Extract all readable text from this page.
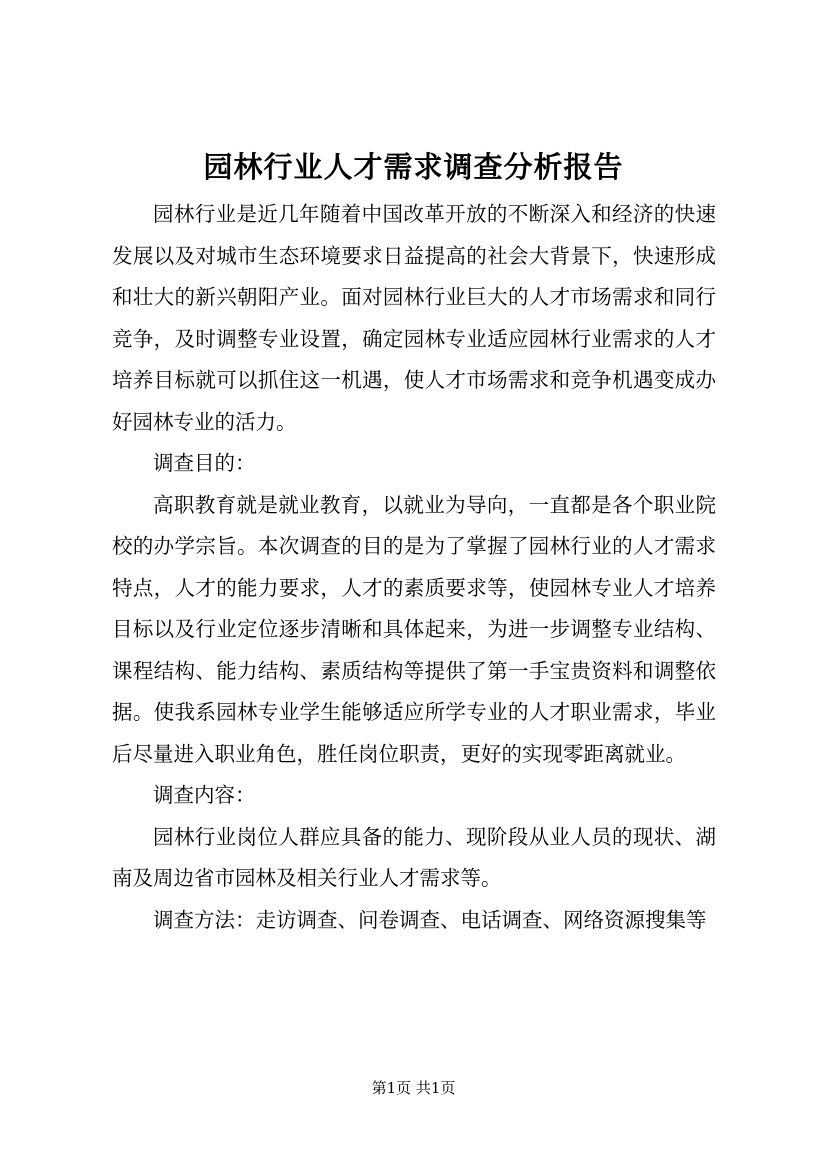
园林行业人才需求调查分析报告

园林行业是近几年随着中国改革开放的不断深入和经济的快速发展以及对城市生态环境要求日益提高的社会大背景下，快速形成和壮大的新兴朝阳产业。面对园林行业巨大的人才市场需求和同行竞争，及时调整专业设置，确定园林专业适应园林行业需求的人才培养目标就可以抓住这一机遇，使人才市场需求和竞争机遇变成办好园林专业的活力。

调查目的：

高职教育就是就业教育，以就业为导向，一直都是各个职业院校的办学宗旨。本次调查的目的是为了掌握了园林行业的人才需求特点，人才的能力要求，人才的素质要求等，使园林专业人才培养目标以及行业定位逐步清晰和具体起来，为进一步调整专业结构、课程结构、能力结构、素质结构等提供了第一手宝贵资料和调整依据。使我系园林专业学生能够适应所学专业的人才职业需求，毕业后尽量进入职业角色，胜任岗位职责，更好的实现零距离就业。

调查内容：

园林行业岗位人群应具备的能力、现阶段从业人员的现状、湖南及周边省市园林及相关行业人才需求等。

调查方法：走访调查、问卷调查、电话调查、网络资源搜集等

第1页 共1页
